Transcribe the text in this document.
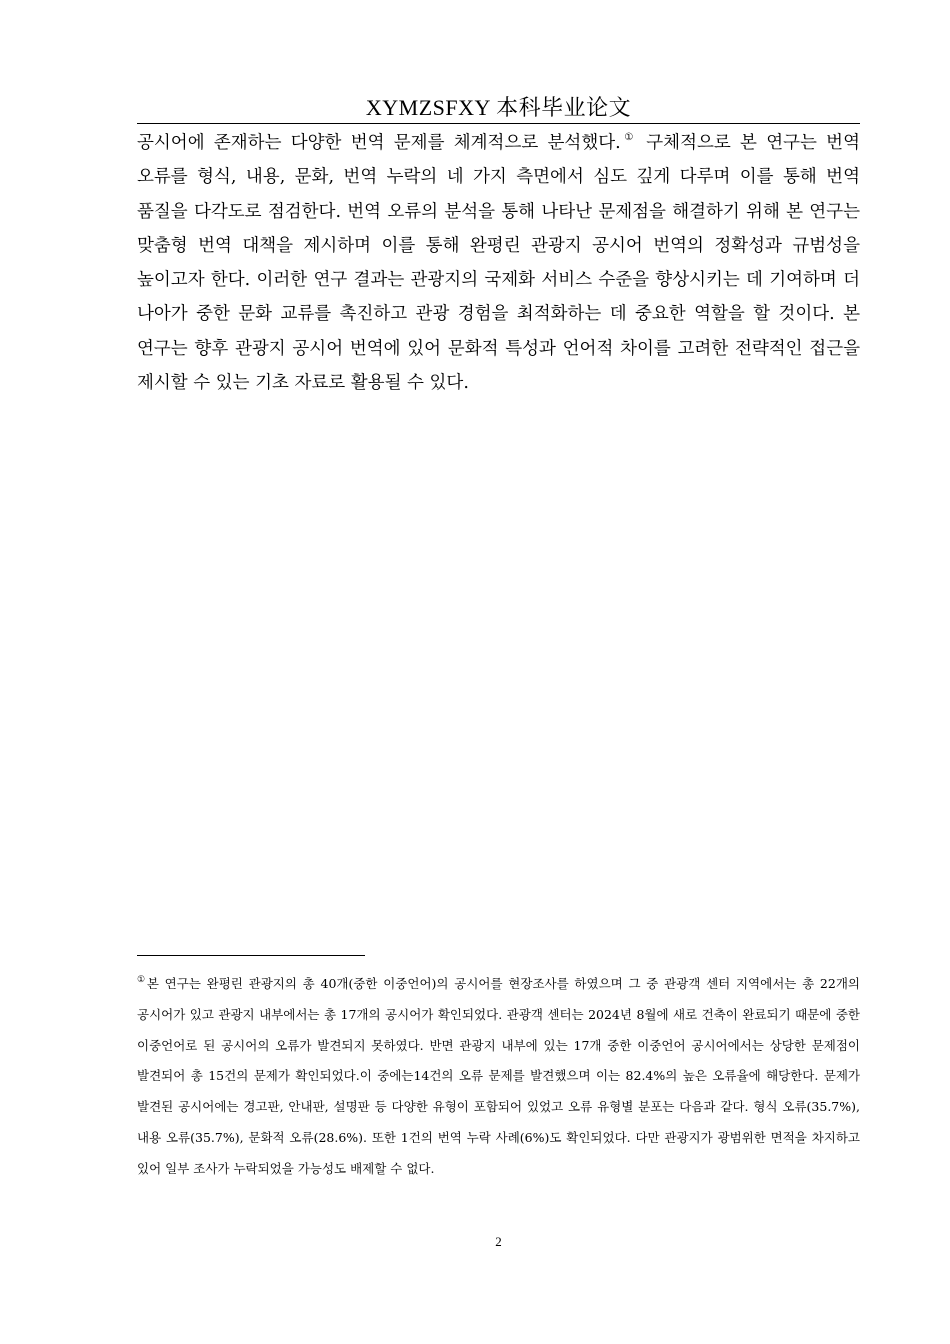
XYMZSFXY 本科毕业论文

공시어에 존재하는 다양한 번역 문제를 체계적으로 분석했다.① 구체적으로 본 연구는 번역 오류를 형식, 내용, 문화, 번역 누락의 네 가지 측면에서 심도 깊게 다루며 이를 통해 번역 품질을 다각도로 점검한다. 번역 오류의 분석을 통해 나타난 문제점을 해결하기 위해 본 연구는 맞춤형 번역 대책을 제시하며 이를 통해 완평린 관광지 공시어 번역의 정확성과 규범성을 높이고자 한다. 이러한 연구 결과는 관광지의 국제화 서비스 수준을 향상시키는 데 기여하며 더 나아가 중한 문화 교류를 촉진하고 관광 경험을 최적화하는 데 중요한 역할을 할 것이다. 본 연구는 향후 관광지 공시어 번역에 있어 문화적 특성과 언어적 차이를 고려한 전략적인 접근을 제시할 수 있는 기초 자료로 활용될 수 있다.

①본 연구는 완평린 관광지의 총 40개(중한 이중언어)의 공시어를 현장조사를 하였으며 그 중 관광객 센터 지역에서는 총 22개의 공시어가 있고 관광지 내부에서는 총 17개의 공시어가 확인되었다. 관광객 센터는 2024년 8월에 새로 건축이 완료되기 때문에 중한 이중언어로 된 공시어의 오류가 발견되지 못하였다. 반면 관광지 내부에 있는 17개 중한 이중언어 공시어에서는 상당한 문제점이 발견되어 총 15건의 문제가 확인되었다.이 중에는14건의 오류 문제를 발견했으며 이는 82.4%의 높은 오류율에 해당한다. 문제가 발견된 공시어에는 경고판, 안내판, 설명판 등 다양한 유형이 포함되어 있었고 오류 유형별 분포는 다음과 같다. 형식 오류(35.7%), 내용 오류(35.7%), 문화적 오류(28.6%). 또한 1건의 번역 누락 사례(6%)도 확인되었다. 다만 관광지가 광범위한 면적을 차지하고 있어 일부 조사가 누락되었을 가능성도 배제할 수 없다.

2
